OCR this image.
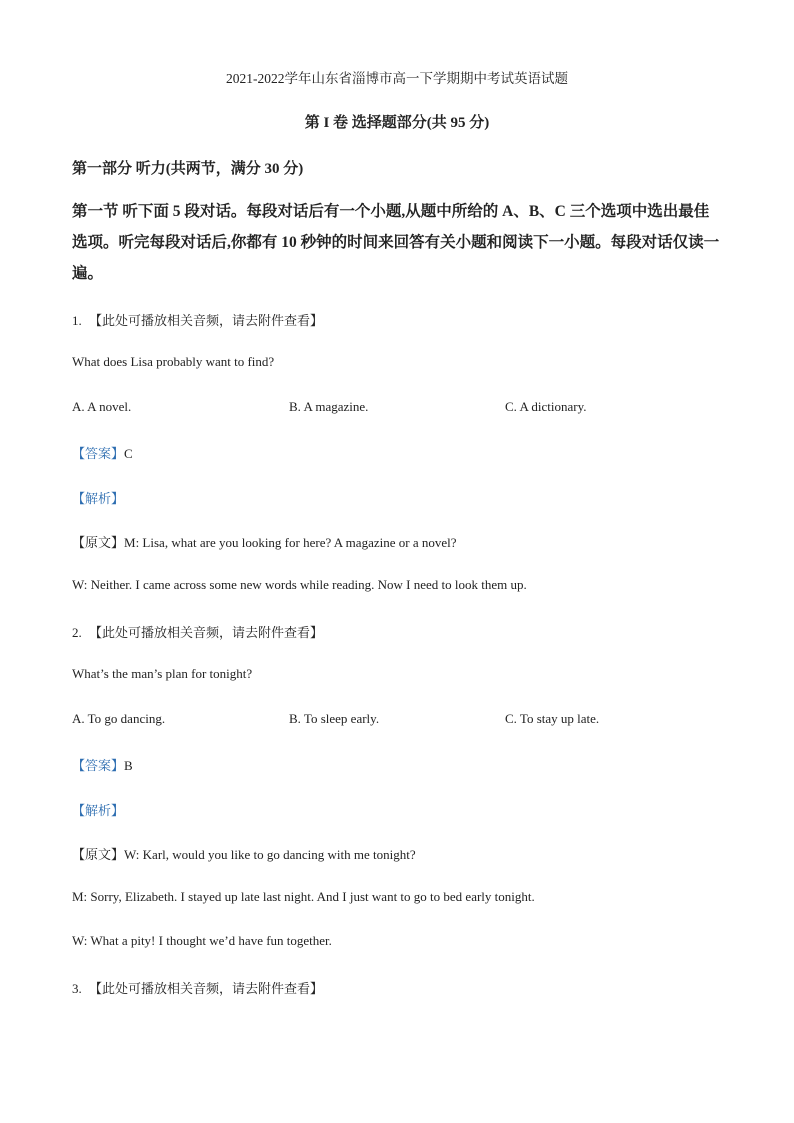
2021-2022学年山东省淄博市高一下学期期中考试英语试题
第 I 卷 选择题部分(共 95 分)
第一部分 听力(共两节，满分 30 分)
第一节 听下面 5 段对话。每段对话后有一个小题,从题中所给的 A、B、C 三个选项中选出最佳选项。听完每段对话后,你都有 10 秒钟的时间来回答有关小题和阅读下一小题。每段对话仅读一遍。
1. 【此处可播放相关音频，请去附件查看】
What does Lisa probably want to find?
A. A novel.	B. A magazine.	C. A dictionary.
【答案】C
【解析】
【原文】M: Lisa, what are you looking for here? A magazine or a novel?
W: Neither. I came across some new words while reading. Now I need to look them up.
2. 【此处可播放相关音频，请去附件查看】
What’s the man’s plan for tonight?
A. To go dancing.	B. To sleep early.	C. To stay up late.
【答案】B
【解析】
【原文】W: Karl, would you like to go dancing with me tonight?
M: Sorry, Elizabeth. I stayed up late last night. And I just want to go to bed early tonight.
W: What a pity! I thought we’d have fun together.
3. 【此处可播放相关音频，请去附件查看】
